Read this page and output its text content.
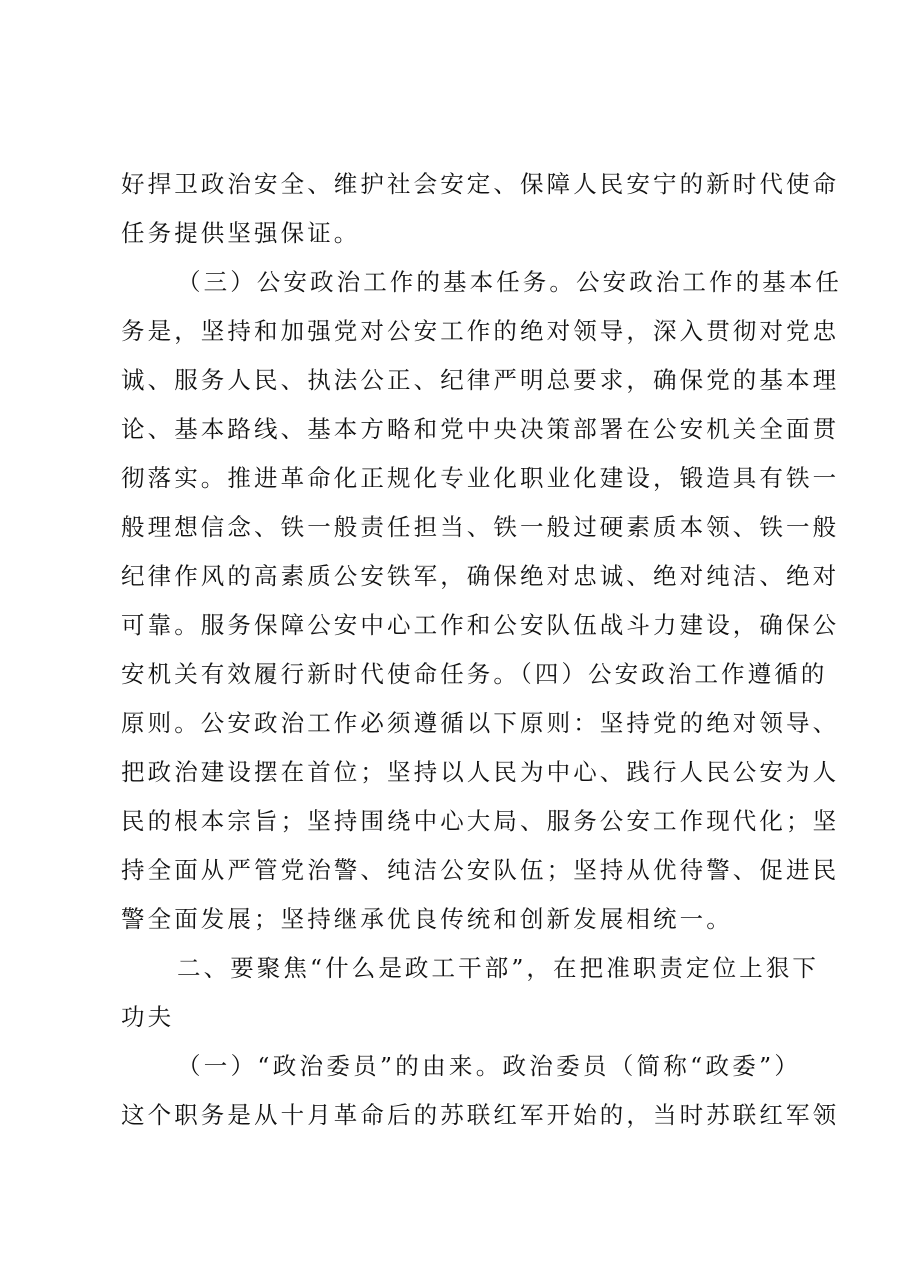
好捍卫政治安全、维护社会安定、保障人民安宁的新时代使命
任务提供坚强保证。
（三）公安政治工作的基本任务。公安政治工作的基本任
务是，坚持和加强党对公安工作的绝对领导，深入贯彻对党忠
诚、服务人民、执法公正、纪律严明总要求，确保党的基本理
论、基本路线、基本方略和党中央决策部署在公安机关全面贯
彻落实。推进革命化正规化专业化职业化建设，锻造具有铁一
般理想信念、铁一般责任担当、铁一般过硬素质本领、铁一般
纪律作风的高素质公安铁军，确保绝对忠诚、绝对纯洁、绝对
可靠。服务保障公安中心工作和公安队伍战斗力建设，确保公
安机关有效履行新时代使命任务。（四）公安政治工作遵循的
原则。公安政治工作必须遵循以下原则：坚持党的绝对领导、
把政治建设摆在首位；坚持以人民为中心、践行人民公安为人
民的根本宗旨；坚持围绕中心大局、服务公安工作现代化；坚
持全面从严管党治警、纯洁公安队伍；坚持从优待警、促进民
警全面发展；坚持继承优良传统和创新发展相统一。
二、要聚焦“什么是政工干部”，在把准职责定位上狠下
功夫
（一）“政治委员”的由来。政治委员（简称“政委”）
这个职务是从十月革命后的苏联红军开始的，当时苏联红军领
